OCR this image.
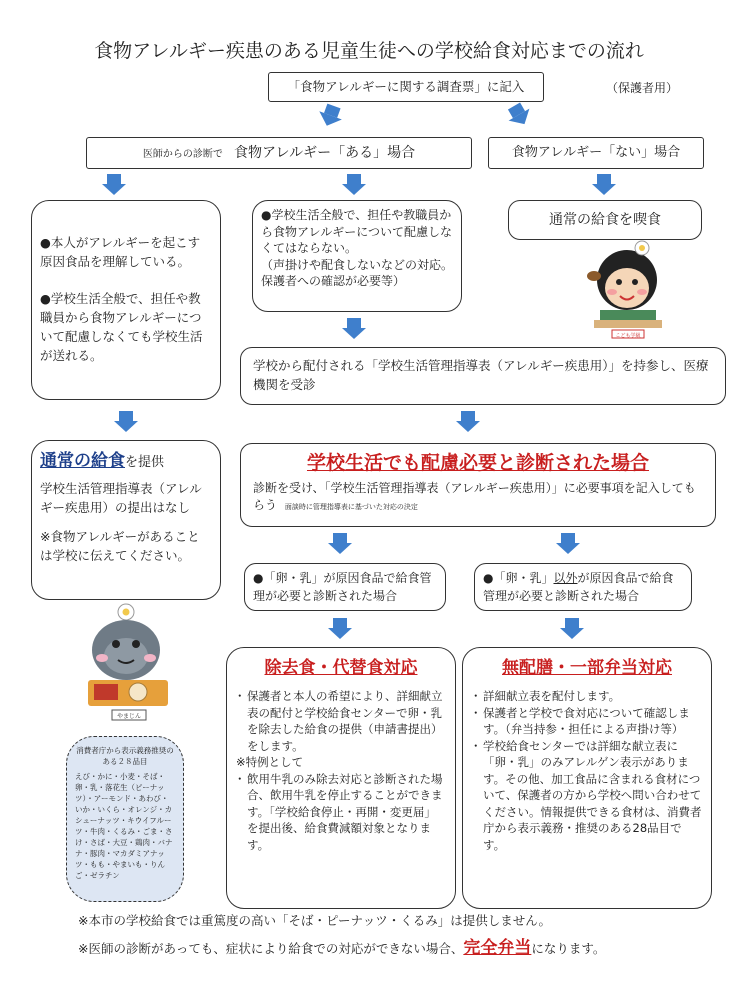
食物アレルギー疾患のある児童生徒への学校給食対応までの流れ
「食物アレルギーに関する調査票」に記入	（保護者用）
医師からの診断で 食物アレルギー「ある」場合	食物アレルギー「ない」場合
●本人がアレルギーを起こす原因食品を理解している。
●学校生活全般で、担任や教職員から食物アレルギーについて配慮しなくても学校生活が送れる。
●学校生活全般で、担任や教職員から食物アレルギーについて配慮しなくてはならない。
（声掛けや配食しないなどの対応。保護者への確認が必要等）
通常の給食を喫食
こども学級
学校から配付される「学校生活管理指導表（アレルギー疾患用）」を持参し、医療機関を受診
通常の給食を提供
学校生活管理指導表（アレルギー疾患用）の提出はなし
※食物アレルギーがあることは学校に伝えてください。
学校生活でも配慮必要と診断された場合
診断を受け、「学校生活管理指導表（アレルギー疾患用）」に必要事項を記入してもらう 面談時に管理指導表に基づいた対応の決定
●「卵・乳」が原因食品で給食管理が必要と診断された場合
●「卵・乳」以外が原因食品で給食管理が必要と診断された場合
除去食・代替食対応
・ 保護者と本人の希望により、詳細献立表の配付と学校給食センターで卵・乳を除去した給食の提供（申請書提出）をします。
※特例として
・ 飲用牛乳のみ除去対応と診断された場合、飲用牛乳を停止することができます。「学校給食停止・再開・変更届」を提出後、給食費減額対象となります。
無配膳・一部弁当対応
・ 詳細献立表を配付します。
・ 保護者と学校で食対応について確認します。（弁当持参・担任による声掛け等）
・ 学校給食センターでは詳細な献立表に「卵・乳」のみアレルゲン表示があります。その他、加工食品に含まれる食材について、保護者の方から学校へ問い合わせてください。情報提供できる食材は、消費者庁から表示義務・推奨のある28品目です。
やまじん
消費者庁から表示義務推奨のある２８品目
えび・かに・小麦・そば・卵・乳・落花生（ピーナッツ）・アーモンド・あわび・いか・いくら・オレンジ・カシューナッツ・キウイフルーツ・牛肉・くるみ・ごま・さけ・さば・大豆・鶏肉・バナナ・豚肉・マカダミアナッツ・もも・やまいも・りんご・ゼラチン
※本市の学校給食では重篤度の高い「そば・ピーナッツ・くるみ」は提供しません。
※医師の診断があっても、症状により給食での対応ができない場合、完全弁当になります。
